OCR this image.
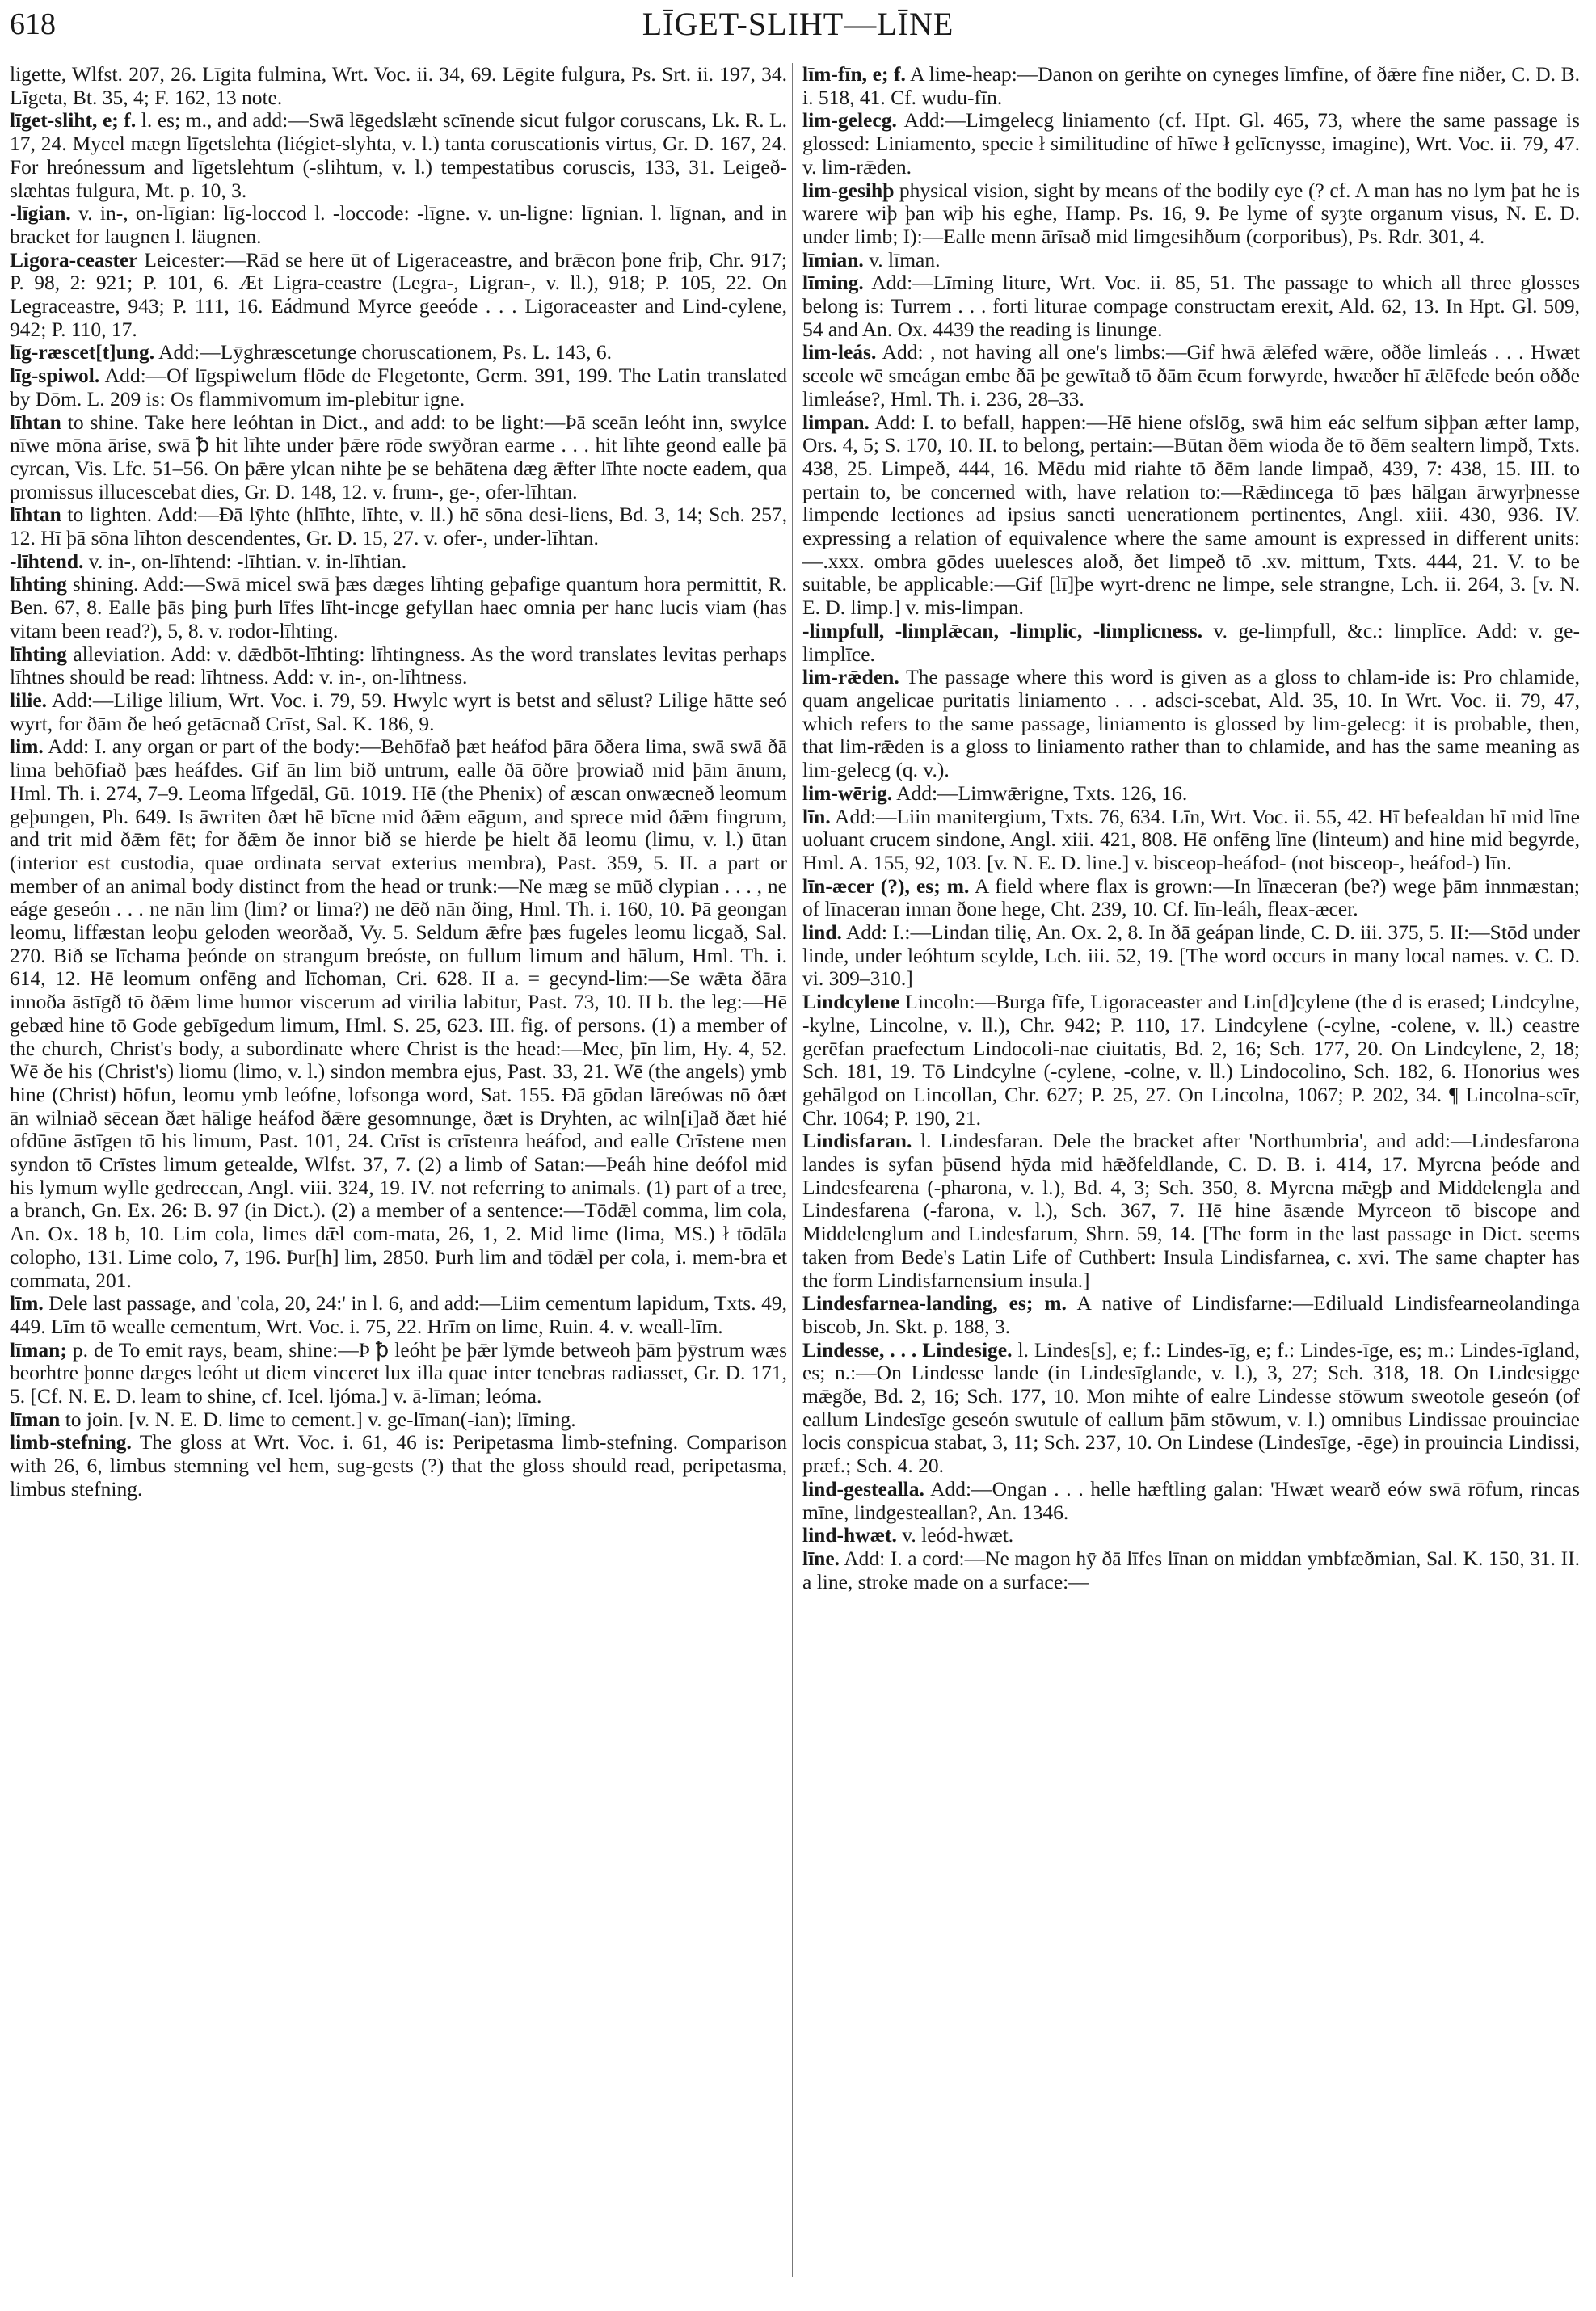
618	LĪGET-SLIHT—LĪNE

ligette, Wlfst. 207, 26. Līgita fulmina, Wrt. Voc. ii. 34, 69. Lēgite fulgura, Ps. Srt. ii. 197, 34. Līgeta, Bt. 35, 4; F. 162, 13 note.

līget-sliht, e; f. l. es; m., and add:—Swā lēgedslæht scīnende sicut fulgor coruscans, Lk. R. L. 17, 24. Mycel mægn līgetslehta (liégiet-slyhta, v. l.) tanta coruscationis virtus, Gr. D. 167, 24. For hreónessum and līgetslehtum (-slihtum, v. l.) tempestatibus coruscis, 133, 31. Leigeð-slæhtas fulgura, Mt. p. 10, 3.

-līgian. v. in-, on-līgian: līg-loccod l. -loccode: -līgne. v. un-ligne: līgnian. l. līgnan, and in bracket for laugnen l. läugnen.

Ligora-ceaster Leicester:—Rād se here ūt of Ligeraceastre, and brǣcon þone friþ, Chr. 917; P. 98, 2: 921; P. 101, 6. Æt Ligra-ceastre (Legra-, Ligran-, v. ll.), 918; P. 105, 22. On Legraceastre, 943; P. 111, 16. Eádmund Myrce geeóde . . . Ligoraceaster and Lind-cylene, 942; P. 110, 17.

līg-ræscet[t]ung. Add:—Lȳghræscetunge choruscationem, Ps. L. 143, 6.

līg-spiwol. Add:—Of līgspiwelum flōde de Flegetonte, Germ. 391, 199. The Latin translated by Dōm. L. 209 is: Os flammivomum im-plebitur igne.

līhtan to shine. Take here leóhtan in Dict., and add: to be light:—Þā sceān leóht inn, swylce nīwe mōna ārise, swā ꝥ hit līhte under þǣre rōde swȳðran earme . . . hit līhte geond ealle þā cyrcan, Vis. Lfc. 51–56. On þǣre ylcan nihte þe se behātena dæg ǣfter līhte nocte eadem, qua promissus illucescebat dies, Gr. D. 148, 12. v. frum-, ge-, ofer-līhtan.

līhtan to lighten. Add:—Ðā lȳhte (hlīhte, līhte, v. ll.) hē sōna desi-liens, Bd. 3, 14; Sch. 257, 12. Hī þā sōna līhton descendentes, Gr. D. 15, 27. v. ofer-, under-līhtan.

-līhtend. v. in-, on-līhtend: -līhtian. v. in-līhtian.

līhting shining. Add:—Swā micel swā þæs dæges līhting geþafige quantum hora permittit, R. Ben. 67, 8. Ealle þās þing þurh līfes līht-incge gefyllan haec omnia per hanc lucis viam (has vitam been read?), 5, 8. v. rodor-līhting.

līhting alleviation. Add: v. dǣdbōt-līhting: līhtingness. As the word translates levitas perhaps līhtnes should be read: līhtness. Add: v. in-, on-līhtness.

lilie. Add:—Lilige lilium, Wrt. Voc. i. 79, 59. Hwylc wyrt is betst and sēlust? Lilige hātte seó wyrt, for ðām ðe heó getācnað Crīst, Sal. K. 186, 9.

lim. Add: I. any organ or part of the body:—Behōfað þæt heáfod þāra ōðera lima, swā swā ðā lima behōfiað þæs heáfdes. Gif ān lim bið untrum, ealle ðā ōðre þrowiað mid þām ānum, Hml. Th. i. 274, 7–9. Leoma līfgedāl, Gū. 1019. Hē (the Phenix) of æscan onwæcneð leomum geþungen, Ph. 649. Is āwriten ðæt hē bīcne mid ðǣm eāgum, and sprece mid ðǣm fingrum, and trit mid ðǣm fēt; for ðǣm ðe innor bið se hierde þe hielt ðā leomu (limu, v. l.) ūtan (interior est custodia, quae ordinata servat exterius membra), Past. 359, 5. II. a part or member of an animal body distinct from the head or trunk:—Ne mæg se mūð clypian . . . , ne eáge geseón . . . ne nān lim (lim? or lima?) ne dēð nān ðing, Hml. Th. i. 160, 10. Þā geongan leomu, liffæstan leoþu geloden weorðað, Vy. 5. Seldum ǣfre þæs fugeles leomu licgað, Sal. 270. Bið se līchama þeónde on strangum breóste, on fullum limum and hālum, Hml. Th. i. 614, 12. Hē leomum onfēng and līchoman, Cri. 628. II a. = gecynd-lim:—Se wǣta ðāra innoða āstīgð tō ðǣm lime humor viscerum ad virilia labitur, Past. 73, 10. II b. the leg:—Hē gebæd hine tō Gode gebīgedum limum, Hml. S. 25, 623. III. fig. of persons. (1) a member of the church, Christ's body, a subordinate where Christ is the head:—Mec, þīn lim, Hy. 4, 52. Wē ðe his (Christ's) liomu (limo, v. l.) sindon membra ejus, Past. 33, 21. Wē (the angels) ymb hine (Christ) hōfun, leomu ymb leófne, lofsonga word, Sat. 155. Ðā gōdan lāreówas nō ðæt ān wilniað sēcean ðæt hālige heáfod ðǣre gesomnunge, ðæt is Dryhten, ac wiln[i]að ðæt hié ofdūne āstīgen tō his limum, Past. 101, 24. Crīst is crīstenra heáfod, and ealle Crīstene men syndon tō Crīstes limum getealde, Wlfst. 37, 7. (2) a limb of Satan:—Þeáh hine deófol mid his lymum wylle gedreccan, Angl. viii. 324, 19. IV. not referring to animals. (1) part of a tree, a branch, Gn. Ex. 26: B. 97 (in Dict.). (2) a member of a sentence:—Tōdǣl comma, lim cola, An. Ox. 18 b, 10. Lim cola, limes dǣl com-mata, 26, 1, 2. Mid lime (lima, MS.) ł tōdāla colopho, 131. Lime colo, 7, 196. Þur[h] lim, 2850. Þurh lim and tōdǣl per cola, i. mem-bra et commata, 201.

līm. Dele last passage, and 'cola, 20, 24:' in l. 6, and add:—Liim cementum lapidum, Txts. 49, 449. Līm tō wealle cementum, Wrt. Voc. i. 75, 22. Hrīm on lime, Ruin. 4. v. weall-līm.

līman; p. de To emit rays, beam, shine:—Þ ꝥ leóht þe þǣr lȳmde betweoh þām þȳstrum wæs beorhtre þonne dæges leóht ut diem vinceret lux illa quae inter tenebras radiasset, Gr. D. 171, 5. [Cf. N. E. D. leam to shine, cf. Icel. ljóma.] v. ā-līman; leóma.

līman to join. [v. N. E. D. lime to cement.] v. ge-līman(-ian); līming.

limb-stefning. The gloss at Wrt. Voc. i. 61, 46 is: Peripetasma limb-stefning. Comparison with 26, 6, limbus stemning vel hem, sug-gests (?) that the gloss should read, peripetasma, limbus stefning.

līm-fīn, e; f. A lime-heap:—Ðanon on gerihte on cyneges līmfīne, of ðǣre fīne niðer, C. D. B. i. 518, 41. Cf. wudu-fīn.

lim-gelecg. Add:—Limgelecg liniamento (cf. Hpt. Gl. 465, 73, where the same passage is glossed: Liniamento, specie ł similitudine of hīwe ł gelīcnysse, imagine), Wrt. Voc. ii. 79, 47. v. lim-rǣden.

lim-gesihþ physical vision, sight by means of the bodily eye (? cf. A man has no lym þat he is warere wiþ þan wiþ his eghe, Hamp. Ps. 16, 9. Þe lyme of syȝte organum visus, N. E. D. under limb; I):—Ealle menn ārīsað mid limgesihðum (corporibus), Ps. Rdr. 301, 4.

līmian. v. līman.

līming. Add:—Līming liture, Wrt. Voc. ii. 85, 51. The passage to which all three glosses belong is: Turrem . . . forti liturae compage constructam erexit, Ald. 62, 13. In Hpt. Gl. 509, 54 and An. Ox. 4439 the reading is linunge.

lim-leás. Add: , not having all one's limbs:—Gif hwā ǣlēfed wǣre, oððe limleás . . . Hwæt sceole wē smeágan embe ðā þe gewītað tō ðām ēcum forwyrde, hwæðer hī ǣlēfede beón oððe limleáse?, Hml. Th. i. 236, 28–33.

limpan. Add: I. to befall, happen:—Hē hiene ofslōg, swā him eác selfum siþþan æfter lamp, Ors. 4, 5; S. 170, 10. II. to belong, pertain:—Būtan ðēm wioda ðe tō ðēm sealtern limpð, Txts. 438, 25. Limpeð, 444, 16. Mēdu mid riahte tō ðēm lande limpað, 439, 7: 438, 15. III. to pertain to, be concerned with, have relation to:—Rǣdincega tō þæs hālgan ārwyrþnesse limpende lectiones ad ipsius sancti uenerationem pertinentes, Angl. xiii. 430, 936. IV. expressing a relation of equivalence where the same amount is expressed in different units:—.xxx. ombra gōdes uuelesces aloð, ðet limpeð tō .xv. mittum, Txts. 444, 21. V. to be suitable, be applicable:—Gif [lī]þe wyrt-drenc ne limpe, sele strangne, Lch. ii. 264, 3. [v. N. E. D. limp.] v. mis-limpan.

-limpfull, -limplǣcan, -limplic, -limplicness. v. ge-limpfull, &c.: limplīce. Add: v. ge-limplīce.

lim-rǣden. The passage where this word is given as a gloss to chlam-ide is: Pro chlamide, quam angelicae puritatis liniamento . . . adsci-scebat, Ald. 35, 10. In Wrt. Voc. ii. 79, 47, which refers to the same passage, liniamento is glossed by lim-gelecg: it is probable, then, that lim-rǣden is a gloss to liniamento rather than to chlamide, and has the same meaning as lim-gelecg (q. v.).

lim-wērig. Add:—Limwǣrigne, Txts. 126, 16.

līn. Add:—Liin manitergium, Txts. 76, 634. Līn, Wrt. Voc. ii. 55, 42. Hī befealdan hī mid līne uoluant crucem sindone, Angl. xiii. 421, 808. Hē onfēng līne (linteum) and hine mid begyrde, Hml. A. 155, 92, 103. [v. N. E. D. line.] v. bisceop-heáfod- (not bisceop-, heáfod-) līn.

līn-æcer (?), es; m. A field where flax is grown:—In līnæceran (be?) wege þām innmæstan; of līnaceran innan ðone hege, Cht. 239, 10. Cf. līn-leáh, fleax-æcer.

lind. Add: I.:—Lindan tilię, An. Ox. 2, 8. In ðā geápan linde, C. D. iii. 375, 5. II:—Stōd under linde, under leóhtum scylde, Lch. iii. 52, 19. [The word occurs in many local names. v. C. D. vi. 309–310.]

Lindcylene Lincoln:—Burga fīfe, Ligoraceaster and Lin[d]cylene (the d is erased; Lindcylne, -kylne, Lincolne, v. ll.), Chr. 942; P. 110, 17. Lindcylene (-cylne, -colene, v. ll.) ceastre gerēfan praefectum Lindocoli-nae ciuitatis, Bd. 2, 16; Sch. 177, 20. On Lindcylene, 2, 18; Sch. 181, 19. Tō Lindcylne (-cylene, -colne, v. ll.) Lindocolino, Sch. 182, 6. Honorius wes gehālgod on Lincollan, Chr. 627; P. 25, 27. On Lincolna, 1067; P. 202, 34. ¶ Lincolna-scīr, Chr. 1064; P. 190, 21.

Lindisfaran. l. Lindesfaran. Dele the bracket after 'Northumbria', and add:—Lindesfarona landes is syfan þūsend hȳda mid hǣðfeldlande, C. D. B. i. 414, 17. Myrcna þeóde and Lindesfearena (-pharona, v. l.), Bd. 4, 3; Sch. 350, 8. Myrcna mǣgþ and Middelengla and Lindesfarena (-farona, v. l.), Sch. 367, 7. Hē hine āsænde Myrceon tō biscope and Middelenglum and Lindesfarum, Shrn. 59, 14. [The form in the last passage in Dict. seems taken from Bede's Latin Life of Cuthbert: Insula Lindisfarnea, c. xvi. The same chapter has the form Lindisfarnensium insula.]

Lindesfarnea-landing, es; m. A native of Lindisfarne:—Ediluald Lindisfearneolandinga biscob, Jn. Skt. p. 188, 3.

Lindesse, . . . Lindesige. l. Lindes[s], e; f.: Lindes-īg, e; f.: Lindes-īge, es; m.: Lindes-īgland, es; n.:—On Lindesse lande (in Lindesīglande, v. l.), 3, 27; Sch. 318, 18. On Lindesigge mǣgðe, Bd. 2, 16; Sch. 177, 10. Mon mihte of ealre Lindesse stōwum sweotole geseón (of eallum Lindesīge geseón swutule of eallum þām stōwum, v. l.) omnibus Lindissae prouinciae locis conspicua stabat, 3, 11; Sch. 237, 10. On Lindese (Lindesīge, -ēge) in prouincia Lindissi, præf.; Sch. 4. 20.

lind-gestealla. Add:—Ongan . . . helle hæftling galan: 'Hwæt wearð eów swā rōfum, rincas mīne, lindgesteallan?, An. 1346.

lind-hwæt. v. leód-hwæt.

līne. Add: I. a cord:—Ne magon hȳ ðā līfes līnan on middan ymbfæðmian, Sal. K. 150, 31. II. a line, stroke made on a surface:—
